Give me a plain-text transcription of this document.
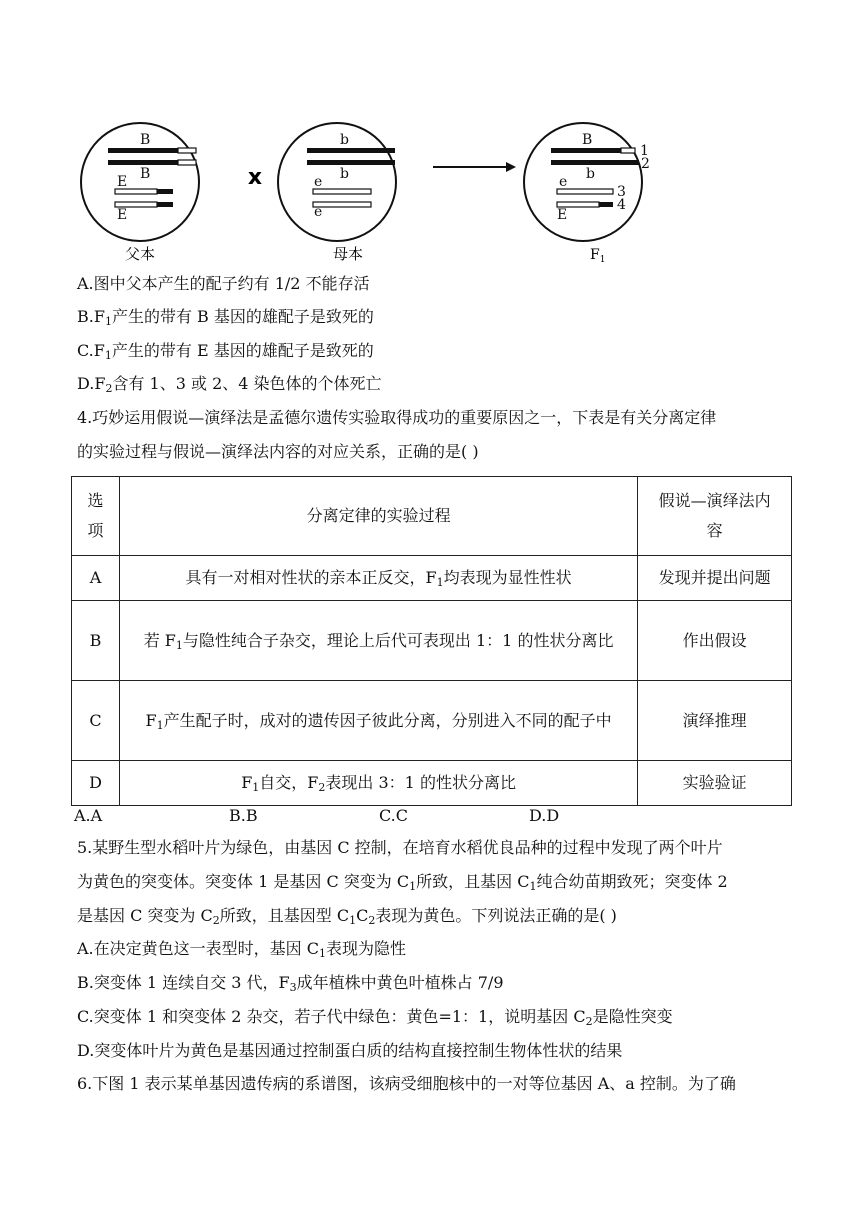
B
B
E
E
父本
x
b
b
e
e
母本
B
b
e
E
1
2
3
4
$F_1$
A.图中父本产生的配子约有 1/2 不能存活
$B.F_1$产生的带有 B 基因的雄配子是致死的
$C.F_1$产生的带有 E 基因的雄配子是致死的
$D.F_2$含有 1、3 或 2、4 染色体的个体死亡
4.巧妙运用假说—演绎法是孟德尔遗传实验取得成功的重要原因之一，下表是有关分离定律
的实验过程与假说—演绎法内容的对应关系，正确的是( )
选
项	分离定律的实验过程	假说—演绎法内
容

A	具有一对相对性状的亲本正反交，$F_1$均表现为显性性状	发现并提出问题
B	若 $F_1$与隐性纯合子杂交，理论上后代可表现出 1：1 的性状分离比	作出假设
C	$F_1$产生配子时，成对的遗传因子彼此分离，分别进入不同的配子中	演绎推理
D	$F_1$自交，$F_2$表现出 3：1 的性状分离比	实验验证
A.A	B.B	C.C	D.D
5.某野生型水稻叶片为绿色，由基因 C 控制，在培育水稻优良品种的过程中发现了两个叶片
为黄色的突变体。突变体 1 是基因 C 突变为 $C_1$所致，且基因 $C_1$纯合幼苗期致死；突变体 2
是基因 C 突变为 $C_2$所致，且基因型 $C_1C_2$表现为黄色。下列说法正确的是( )
A.在决定黄色这一表型时，基因 $C_1$表现为隐性
B.突变体 1 连续自交 3 代，$F_3$成年植株中黄色叶植株占 7/9
C.突变体 1 和突变体 2 杂交，若子代中绿色：黄色=1：1，说明基因 $C_2$是隐性突变
D.突变体叶片为黄色是基因通过控制蛋白质的结构直接控制生物体性状的结果
6.下图 1 表示某单基因遗传病的系谱图，该病受细胞核中的一对等位基因 A、a 控制。为了确
